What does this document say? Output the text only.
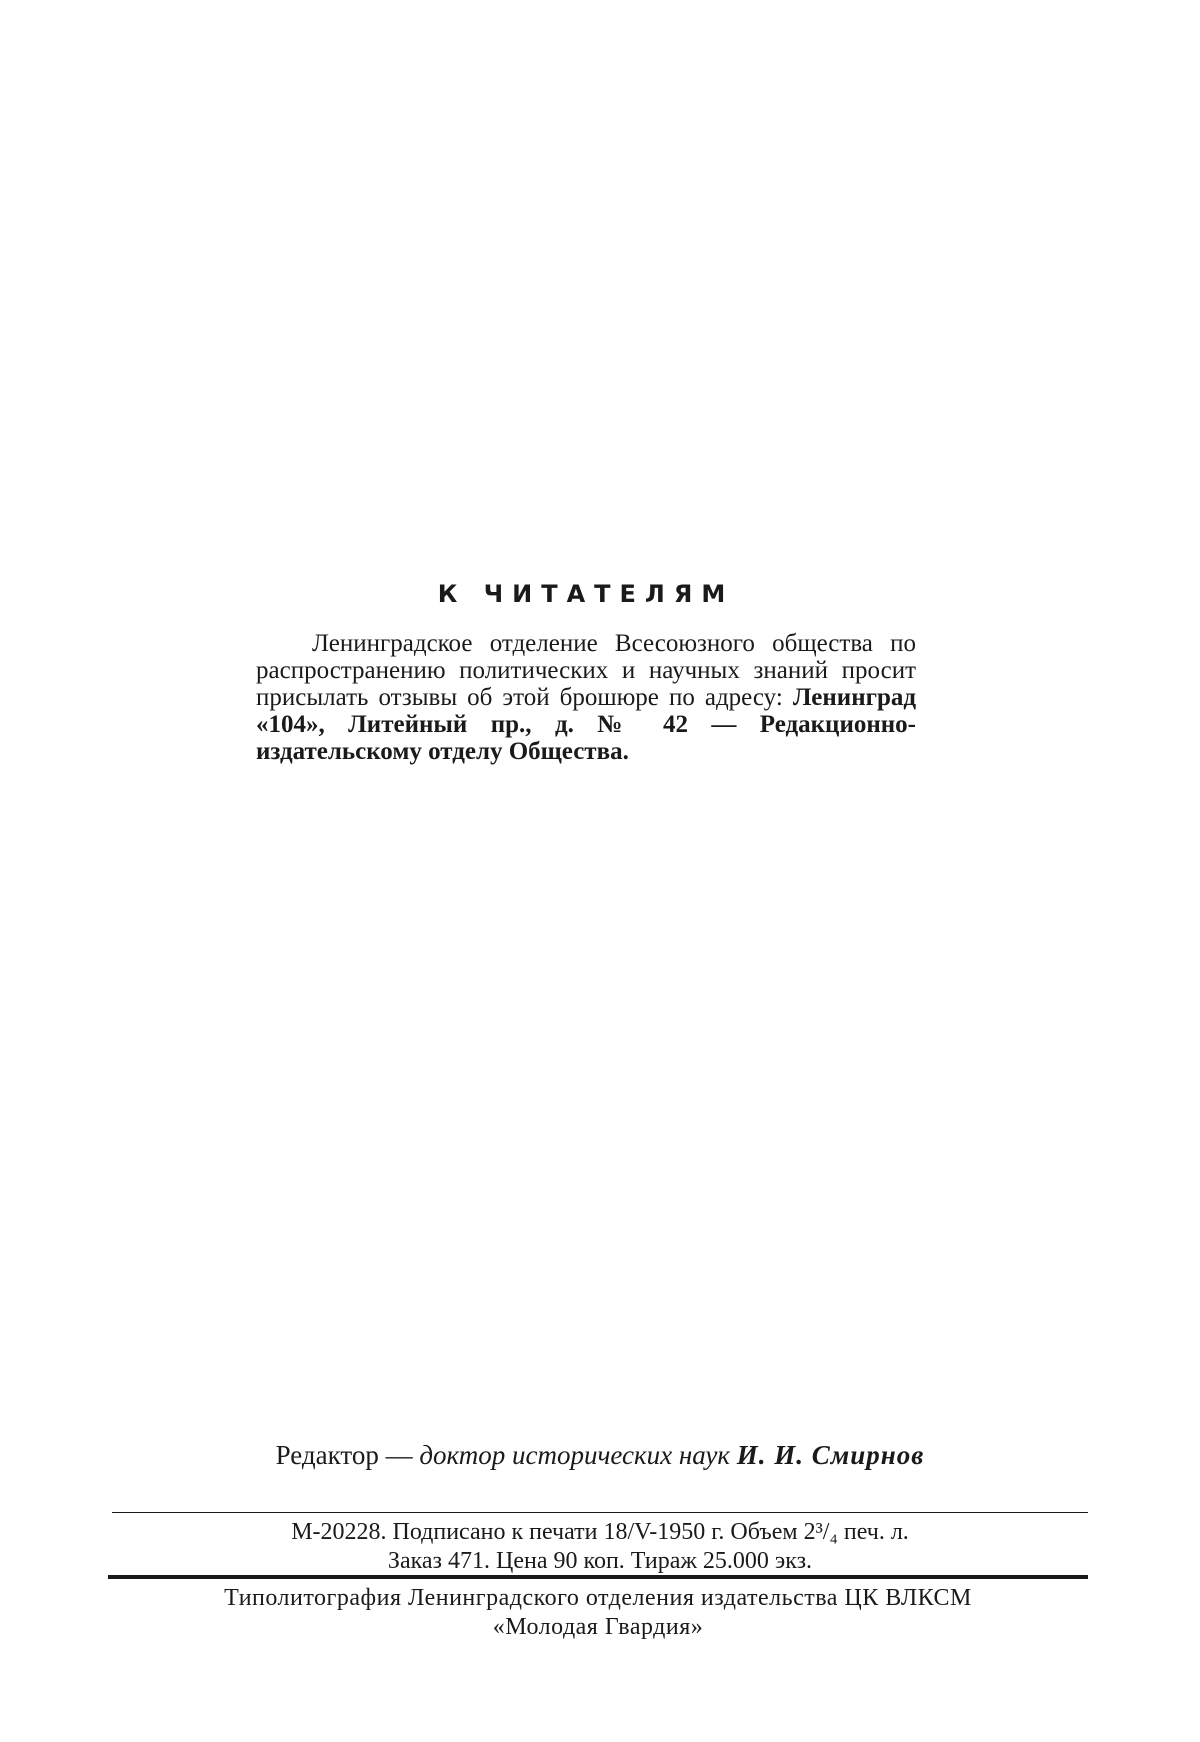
К ЧИТАТЕЛЯМ

Ленинградское отделение Всесоюзного общества по распространению политических и научных знаний просит присылать отзывы об этой брошюре по адресу: Ленинград «104», Литейный пр., д. № 42 — Редакционно-издательскому отделу Общества.

Редактор — доктор исторических наук И. И. Смирнов
М-20228. Подписано к печати 18/V-1950 г. Объем 2³/₄ печ. л.
Заказ 471. Цена 90 коп. Тираж 25.000 экз.
Типолитография Ленинградского отделения издательства ЦК ВЛКСМ
«Молодая Гвардия»
